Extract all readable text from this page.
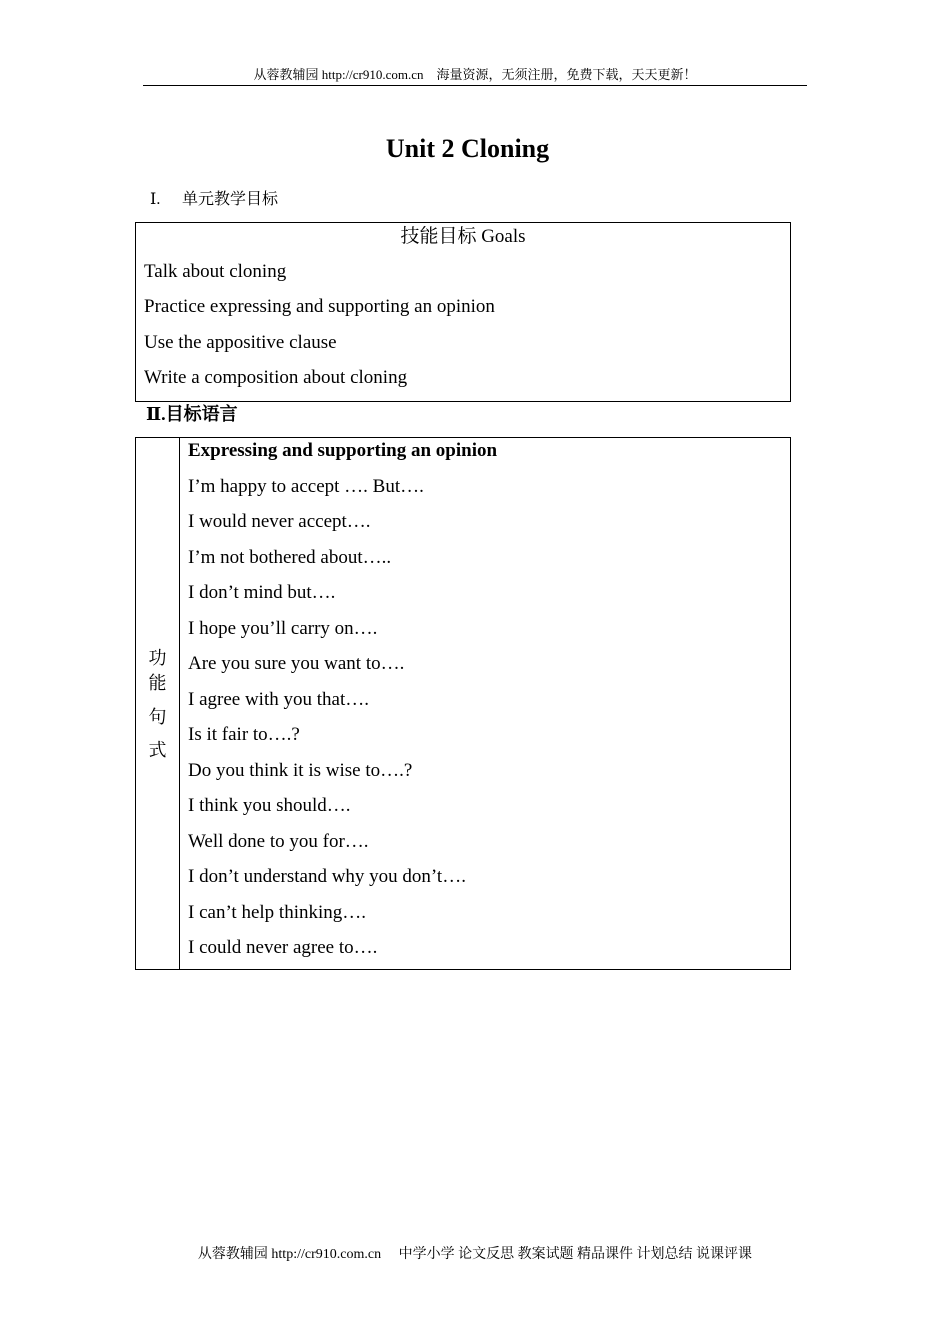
从蓉教辅园 http://cr910.com.cn　海量资源，无须注册，免费下载，天天更新！
Unit 2 Cloning
Ⅰ. 单元教学目标
技能目标 Goals
Talk about cloning
Practice expressing and supporting an opinion
Use the appositive clause
Write a composition about cloning
Ⅱ.目标语言
功
能
句
式
Expressing and supporting an opinion
I’m happy to accept …. But….
I would never accept….
I’m not bothered about…..
I don’t mind but….
I hope you’ll carry on….
Are you sure you want to….
I agree with you that….
Is it fair to….?
Do you think it is wise to….?
I think you should….
Well done to you for….
I don’t understand why you don’t….
I can’t help thinking….
I could never agree to….
从蓉教辅园 http://cr910.com.cn　 中学小学 论文反思 教案试题 精品课件 计划总结 说课评课
